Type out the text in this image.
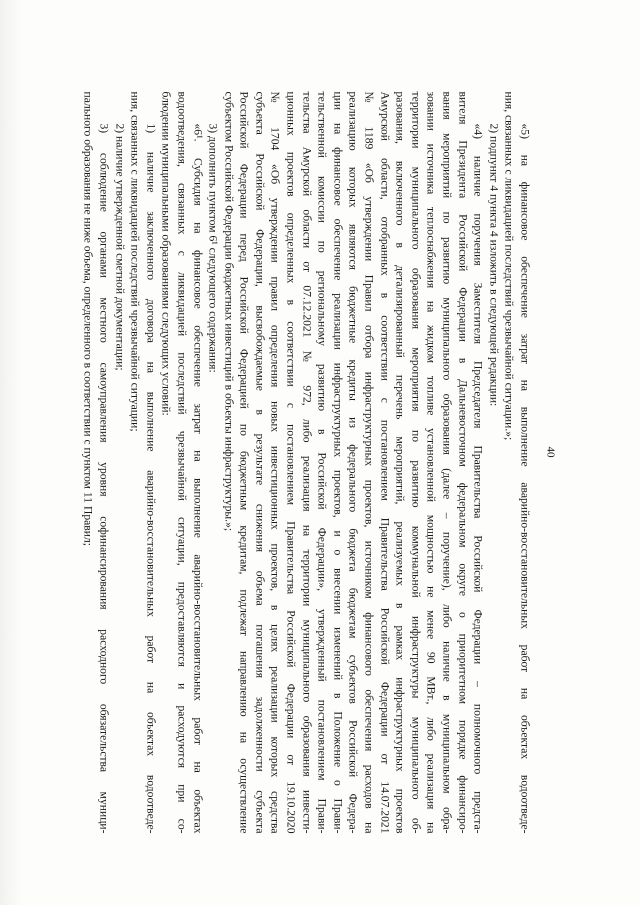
40
«5) на финансовое обеспечение затрат на выполнение аварийно-восстановительных работ на объектах водоотведе-
ния, связанных с ликвидацией последствий чрезвычайной ситуации.»;
2) подпункт 4 пункта 4 изложить в следующей редакции:
«4) наличие поручения Заместителя Председателя Правительства Российской Федерации – полномочного предста-
вителя Президента Российской Федерации в Дальневосточном федеральном округе о приоритетном порядке финансиро-
вания мероприятий по развитию муниципального образования (далее – поручение), либо наличие в муниципальном обра-
зовании источника теплоснабжения на жидком топливе установленной мощностью не менее 90 МВт., либо реализация на
территории муниципального образования мероприятия по развитию коммунальной инфраструктуры муниципального об-
разования, включенного в детализированный перечень мероприятий, реализуемых в рамках инфраструктурных проектов
Амурской области, отобранных в соответствии с постановлением Правительства Российской Федерации от 14.07.2021
№ 1189 «Об утверждении Правил отбора инфраструктурных проектов, источником финансового обеспечения расходов на
реализацию которых являются бюджетные кредиты из федерального бюджета бюджетам субъектов Российской Федера-
ции на финансовое обеспечение реализации инфраструктурных проектов, и о внесении изменений в Положение о Прави-
тельственной комиссии по региональному развитию в Российской Федерации», утвержденный постановлением Прави-
тельства Амурской области от 07.12.2021 № 972, либо реализация на территории муниципального образования инвести-
ционных проектов определенных в соответствии с постановлением Правительства Российской Федерации от 19.10.2020
№ 1704 «Об утверждении правил определения новых инвестиционных проектов, в целях реализации которых средства
субъекта Российской Федерации, высвобождаемые в результате снижения объема погашения задолженности субъекта
Российской Федерации перед Российской Федерацией по бюджетным кредитам, подлежат направлению на осуществление
субъектом Российской Федерации бюджетных инвестиций в объекты инфраструктуры.»;
3) дополнить пунктом 6¹ следующего содержания:
«6¹. Субсидия на финансовое обеспечение затрат на выполнение аварийно-восстановительных работ на объектах
водоотведения, связанных с ликвидацией последствий чрезвычайной ситуации, предоставляются и расходуются при со-
блюдении муниципальными образованиями следующих условий:
1) наличие заключенного договора на выполнение аварийно-восстановительных работ на объектах водоотведе-
ния, связанных с ликвидацией последствий чрезвычайной ситуации;
2) наличие утвержденной сметной документации;
3) соблюдение органами местного самоуправления уровня софинансирования расходного обязательства муници-
пального образования не ниже объема, определенного в соответствии с пунктом 11 Правил;
